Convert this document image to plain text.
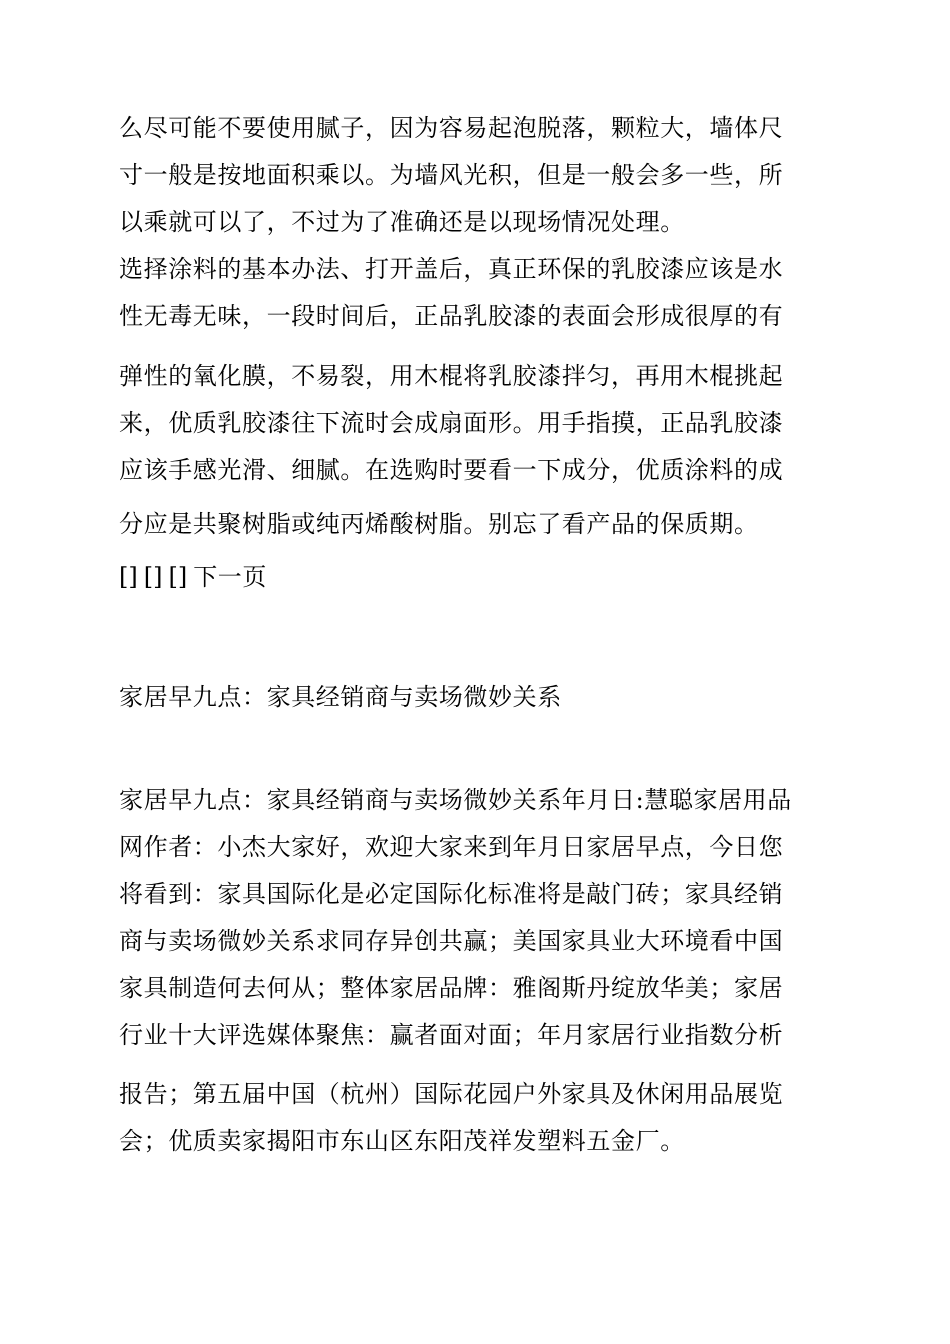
么尽可能不要使用腻子，因为容易起泡脱落，颗粒大，墙体尺
寸一般是按地面积乘以。为墙风光积，但是一般会多一些，所
以乘就可以了，不过为了准确还是以现场情况处理。
选择涂料的基本办法、打开盖后，真正环保的乳胶漆应该是水
性无毒无味，一段时间后，正品乳胶漆的表面会形成很厚的有
弹性的氧化膜，不易裂，用木棍将乳胶漆拌匀，再用木棍挑起
来，优质乳胶漆往下流时会成扇面形。用手指摸，正品乳胶漆
应该手感光滑、细腻。在选购时要看一下成分，优质涂料的成
分应是共聚树脂或纯丙烯酸树脂。别忘了看产品的保质期。
[] [] [] 下一页
家居早九点：家具经销商与卖场微妙关系
家居早九点：家具经销商与卖场微妙关系年月日:慧聪家居用品
网作者：小杰大家好，欢迎大家来到年月日家居早点，今日您
将看到：家具国际化是必定国际化标准将是敲门砖；家具经销
商与卖场微妙关系求同存异创共赢；美国家具业大环境看中国
家具制造何去何从；整体家居品牌：雅阁斯丹绽放华美；家居
行业十大评选媒体聚焦：赢者面对面；年月家居行业指数分析
报告；第五届中国（杭州）国际花园户外家具及休闲用品展览
会；优质卖家揭阳市东山区东阳茂祥发塑料五金厂。
